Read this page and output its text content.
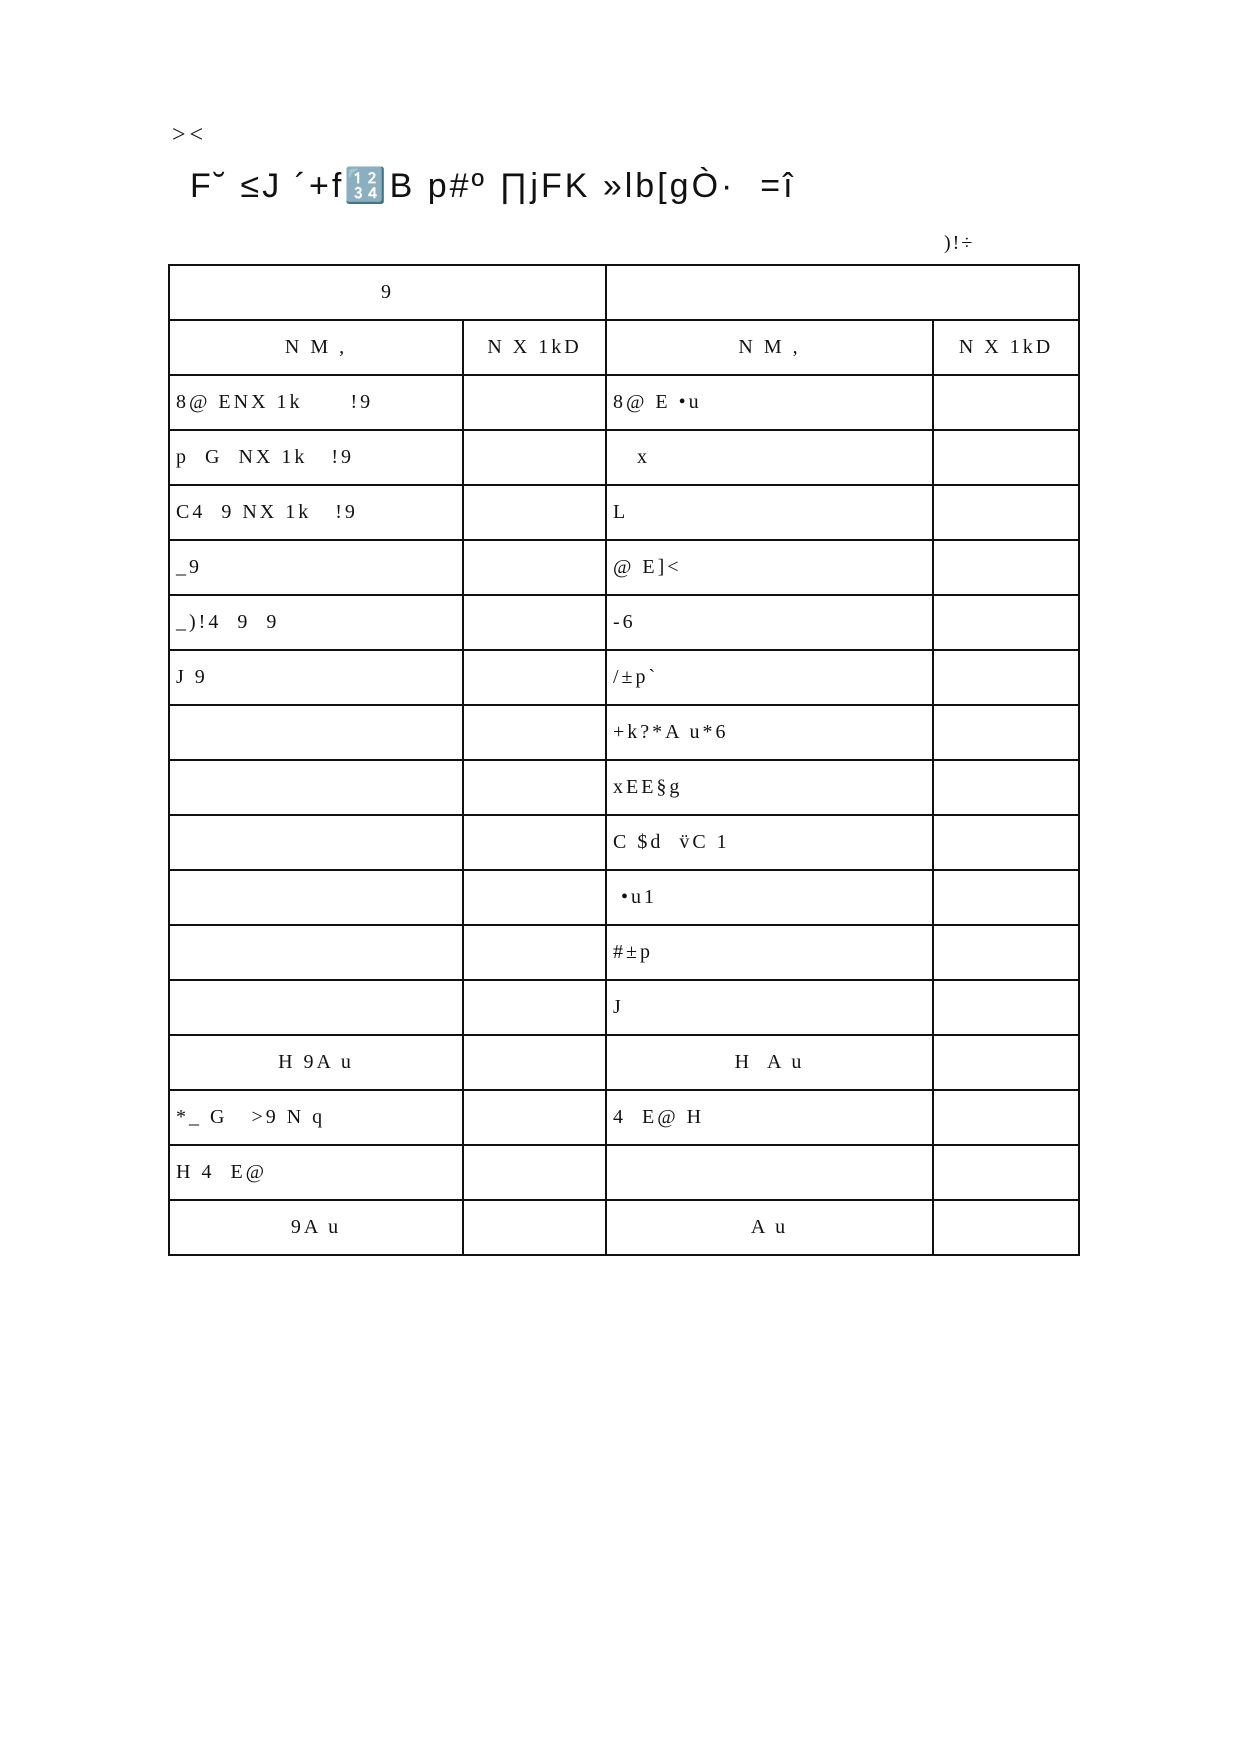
><
F˘ ≤J ´+f🔢B p#º ∏jFK »lb[gÒ·  =î
)!÷
9			
N M ,	N X 1kD	N M ,	N X 1kD
8@ ENX 1k      !9		8@ E •u	
p  G  NX 1k   !9		x	
C4  9 NX 1k   !9		L	
_9		@ E]<	
_)!4  9  9		-6	
J 9		/±p`	
		+k?*A u*6	
		xEE§g	
		C $d  v̈C 1	
		•u1	
		#±p	
		J	
H 9A u		H  A u	
*_ G   >9 N q		4  E@ H	
H 4  E@			
9A u		A u	
